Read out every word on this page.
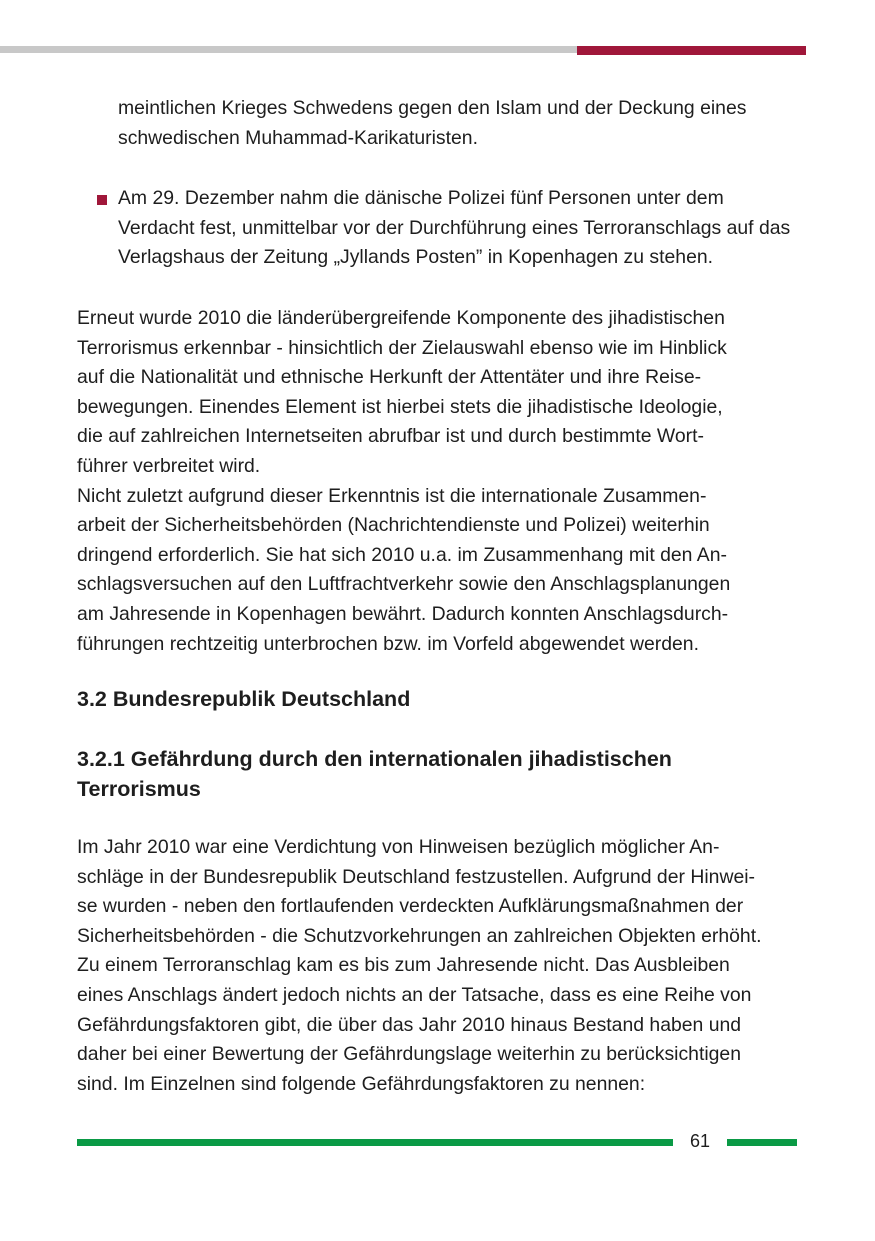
meintlichen Krieges Schwedens gegen den Islam und der Deckung eines schwedischen Muhammad-Karikaturisten.

Am 29. Dezember nahm die dänische Polizei fünf Personen unter dem Verdacht fest, unmittelbar vor der Durchführung eines Terroranschlags auf das Verlagshaus der Zeitung „Jyllands Posten” in Kopenhagen zu stehen.

Erneut wurde 2010 die länderübergreifende Komponente des jihadistischen

Terrorismus erkennbar - hinsichtlich der Zielauswahl ebenso wie im Hinblick

auf die Nationalität und ethnische Herkunft der Attentäter und ihre Reise-

bewegungen. Einendes Element ist hierbei stets die jihadistische Ideologie,

die auf zahlreichen Internetseiten abrufbar ist und durch bestimmte Wort-

führer verbreitet wird.

Nicht zuletzt aufgrund dieser Erkenntnis ist die internationale Zusammen-

arbeit der Sicherheitsbehörden (Nachrichtendienste und Polizei) weiterhin

dringend erforderlich. Sie hat sich 2010 u.a. im Zusammenhang mit den An-

schlagsversuchen auf den Luftfrachtverkehr sowie den Anschlagsplanungen

am Jahresende in Kopenhagen bewährt. Dadurch konnten Anschlagsdurch-

führungen rechtzeitig unterbrochen bzw. im Vorfeld abgewendet werden.

3.2 Bundesrepublik Deutschland
3.2.1 Gefährdung durch den internationalen jihadistischen
Terrorismus

Im Jahr 2010 war eine Verdichtung von Hinweisen bezüglich möglicher An-

schläge in der Bundesrepublik Deutschland festzustellen. Aufgrund der Hinwei-

se wurden - neben den fortlaufenden verdeckten Aufklärungsmaßnahmen der

Sicherheitsbehörden - die Schutzvorkehrungen an zahlreichen Objekten erhöht.

Zu einem Terroranschlag kam es bis zum Jahresende nicht. Das Ausbleiben

eines Anschlags ändert jedoch nichts an der Tatsache, dass es eine Reihe von

Gefährdungsfaktoren gibt, die über das Jahr 2010 hinaus Bestand haben und

daher bei einer Bewertung der Gefährdungslage weiterhin zu berücksichtigen

sind. Im Einzelnen sind folgende Gefährdungsfaktoren zu nennen:

61
